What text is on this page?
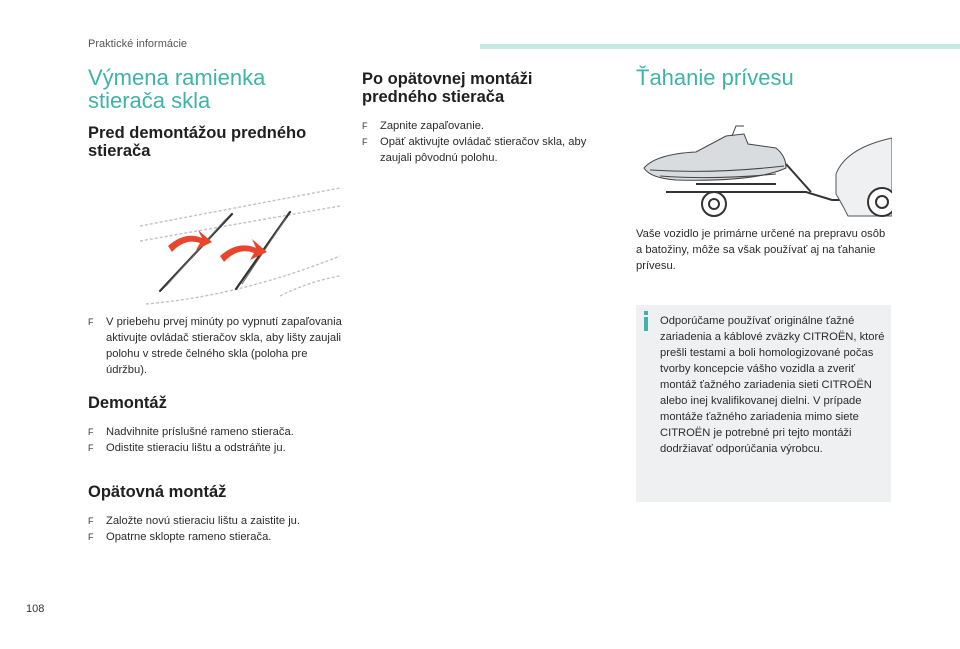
Praktické informácie
Výmena ramienka stierača skla
Pred demontážou predného stierača
F V priebehu prvej minúty po vypnutí zapaľovania aktivujte ovládač stieračov skla, aby lišty zaujali polohu v strede čelného skla (poloha pre údržbu).
Demontáž
F Nadvihnite príslušné rameno stierača.
F Odistite stieraciu lištu a odstráňte ju.
Opätovná montáž
F Založte novú stieraciu lištu a zaistite ju.
F Opatrne sklopte rameno stierača.
Po opätovnej montáži predného stierača
F Zapnite zapaľovanie.
F Opäť aktivujte ovládač stieračov skla, aby zaujali pôvodnú polohu.
Ťahanie prívesu
Vaše vozidlo je primárne určené na prepravu osôb a batožiny, môže sa však používať aj na ťahanie prívesu.
Odporúčame používať originálne ťažné zariadenia a káblové zväzky CITROËN, ktoré prešli testami a boli homologizované počas tvorby koncepcie vášho vozidla a zveriť montáž ťažného zariadenia sieti CITROËN alebo inej kvalifikovanej dielni. V prípade montáže ťažného zariadenia mimo siete CITROËN je potrebné pri tejto montáži dodržiavať odporúčania výrobcu.
108
